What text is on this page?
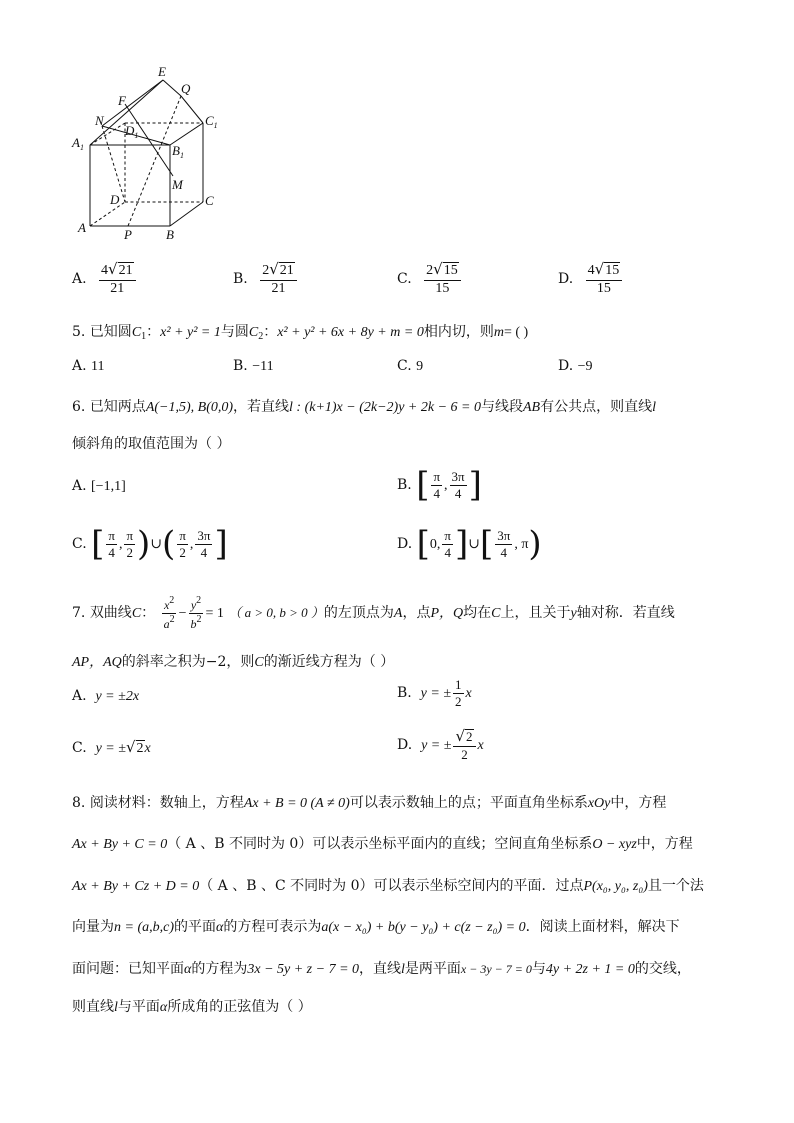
E
Q
F
N
$D_1$
$C_1$
$A_1$	$B_1$
M
D	C
A	P	B
A. $\frac{4 √ 21}{21}$	B. $\frac{2 √ 21}{21}$	C. $\frac{2 √ 15}{15}$	D. $\frac{4 √ 15}{15}$
5. 已知圆$C_1$：x² + y² = 1与圆$C_2$：x² + y² + 6x + 8y + m = 0相内切，则m= ( )
A. 11	B. −11	C. 9	D. −9
6. 已知两点A(−1,5), B(0,0)，若直线l : (k+1)x − (2k−2)y + 2k − 6 = 0与线段AB有公共点，则直线l
倾斜角的取值范围为（ ）
A. [−1,1]	B. [ $\frac{\pi}{4}$ , $\frac{3\pi}{4}$ ]
C. [ $\frac{\pi}{4}$ , $\frac{\pi}{2}$ )∪( $\frac{\pi}{2}$ , $\frac{3\pi}{4}$ ]	D. [0, $\frac{\pi}{4}$ ]∪[ $\frac{3\pi}{4}$ , π)
7. 双曲线C： $\frac{x^2}{a^2} - \frac{y^2}{b^2} = 1$ （ a > 0, b > 0 ）的左顶点为A，点P，Q均在C上，且关于y轴对称．若直线
AP，AQ的斜率之积为−2，则C的渐近线方程为（ ）
A. y = ±2x	B. y = ± $\frac{1}{2}$ x
C. y = ± √ 2 x	D. y = ± $\frac{√ 2}{2}$ x
8. 阅读材料：数轴上，方程Ax + B = 0 (A ≠ 0)可以表示数轴上的点；平面直角坐标系xOy中，方程
Ax + By + C = 0（ A 、B 不同时为 0）可以表示坐标平面内的直线；空间直角坐标系O − xyz中，方程
Ax + By + Cz + D = 0（ A 、B 、C 不同时为 0）可以表示坐标空间内的平面．过点P(x₀, y₀, z₀)且一个法
向量为n = (a,b,c)的平面α的方程可表示为a(x − x₀) + b(y − y₀) + c(z − z₀) = 0．阅读上面材料，解决下
面问题：已知平面α的方程为3x − 5y + z − 7 = 0，直线l是两平面x − 3y − 7 = 0与4y + 2z + 1 = 0的交线，
则直线l与平面α所成角的正弦值为（ ）
